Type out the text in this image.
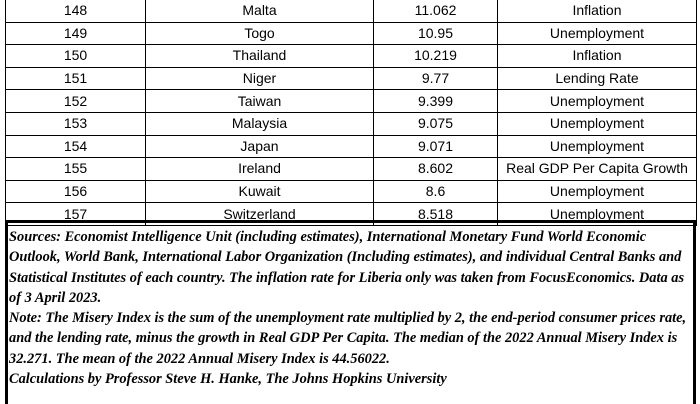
148	Malta	11.062	Inflation
149	Togo	10.95	Unemployment
150	Thailand	10.219	Inflation
151	Niger	9.77	Lending Rate
152	Taiwan	9.399	Unemployment
153	Malaysia	9.075	Unemployment
154	Japan	9.071	Unemployment
155	Ireland	8.602	Real GDP Per Capita Growth
156	Kuwait	8.6	Unemployment
157	Switzerland	8.518	Unemployment

Sources: Economist Intelligence Unit (including estimates), International Monetary Fund World Economic Outlook, World Bank, International Labor Organization (Including estimates), and individual Central Banks and Statistical Institutes of each country. The inflation rate for Liberia only was taken from FocusEconomics. Data as of 3 April 2023.

Note: The Misery Index is the sum of the unemployment rate multiplied by 2, the end-period consumer prices rate, and the lending rate, minus the growth in Real GDP Per Capita. The median of the 2022 Annual Misery Index is 32.271. The mean of the 2022 Annual Misery Index is 44.56022.

Calculations by Professor Steve H. Hanke, The Johns Hopkins University
